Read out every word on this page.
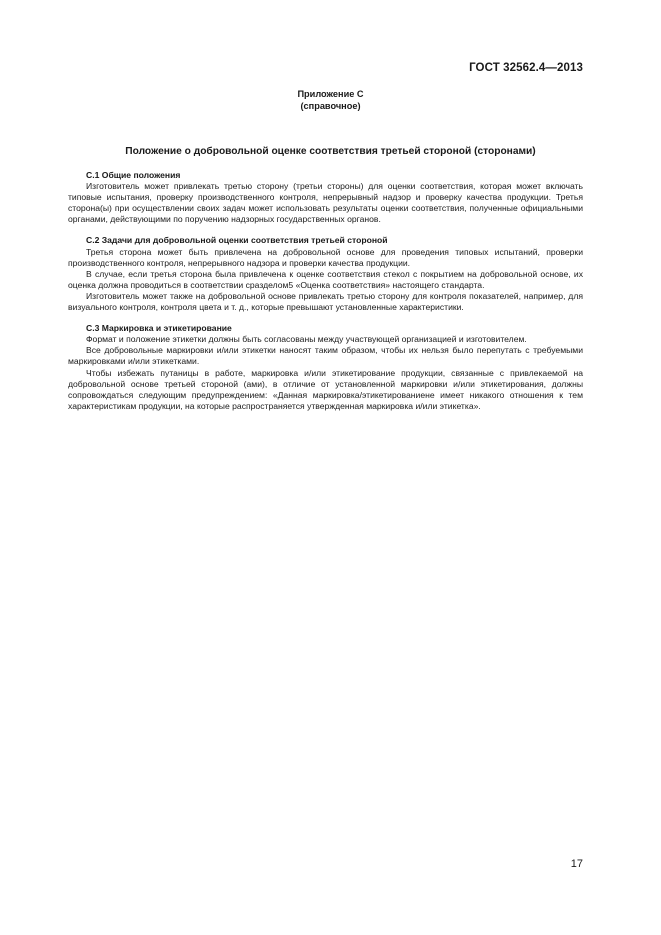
ГОСТ 32562.4—2013
Приложение С
(справочное)
Положение о добровольной оценке соответствия третьей стороной (сторонами)
С.1 Общие положения

Изготовитель может привлекать третью сторону (третьи стороны) для оценки соответствия, которая может включать типовые испытания, проверку производственного контроля, непрерывный надзор и проверку качества продукции. Третья сторона(ы) при осуществлении своих задач может использовать результаты оценки соответствия, полученные официальными органами, действующими по поручению надзорных государственных органов.

С.2 Задачи для добровольной оценки соответствия третьей стороной

Третья сторона может быть привлечена на добровольной основе для проведения типовых испытаний, проверки производственного контроля, непрерывного надзора и проверки качества продукции.

В случае, если третья сторона была привлечена к оценке соответствия стекол с покрытием на добровольной основе, их оценка должна проводиться в соответствии сразделом5 «Оценка соответствия» настоящего стандарта.

Изготовитель может также на добровольной основе привлекать третью сторону для контроля показателей, например, для визуального контроля, контроля цвета и т. д., которые превышают установленные характеристики.

С.3 Маркировка и этикетирование

Формат и положение этикетки должны быть согласованы между участвующей организацией и изготовителем.

Все добровольные маркировки и/или этикетки наносят таким образом, чтобы их нельзя было перепутать с требуемыми маркировками и/или этикетками.

Чтобы избежать путаницы в работе, маркировка и/или этикетирование продукции, связанные с привлекаемой на добровольной основе третьей стороной (ами), в отличие от установленной маркировки и/или этикетирования, должны сопровождаться следующим предупреждением: «Данная маркировка/этикетированиене имеет никакого отношения к тем характеристикам продукции, на которые распространяется утвержденная маркировка и/или этикетка».

17
